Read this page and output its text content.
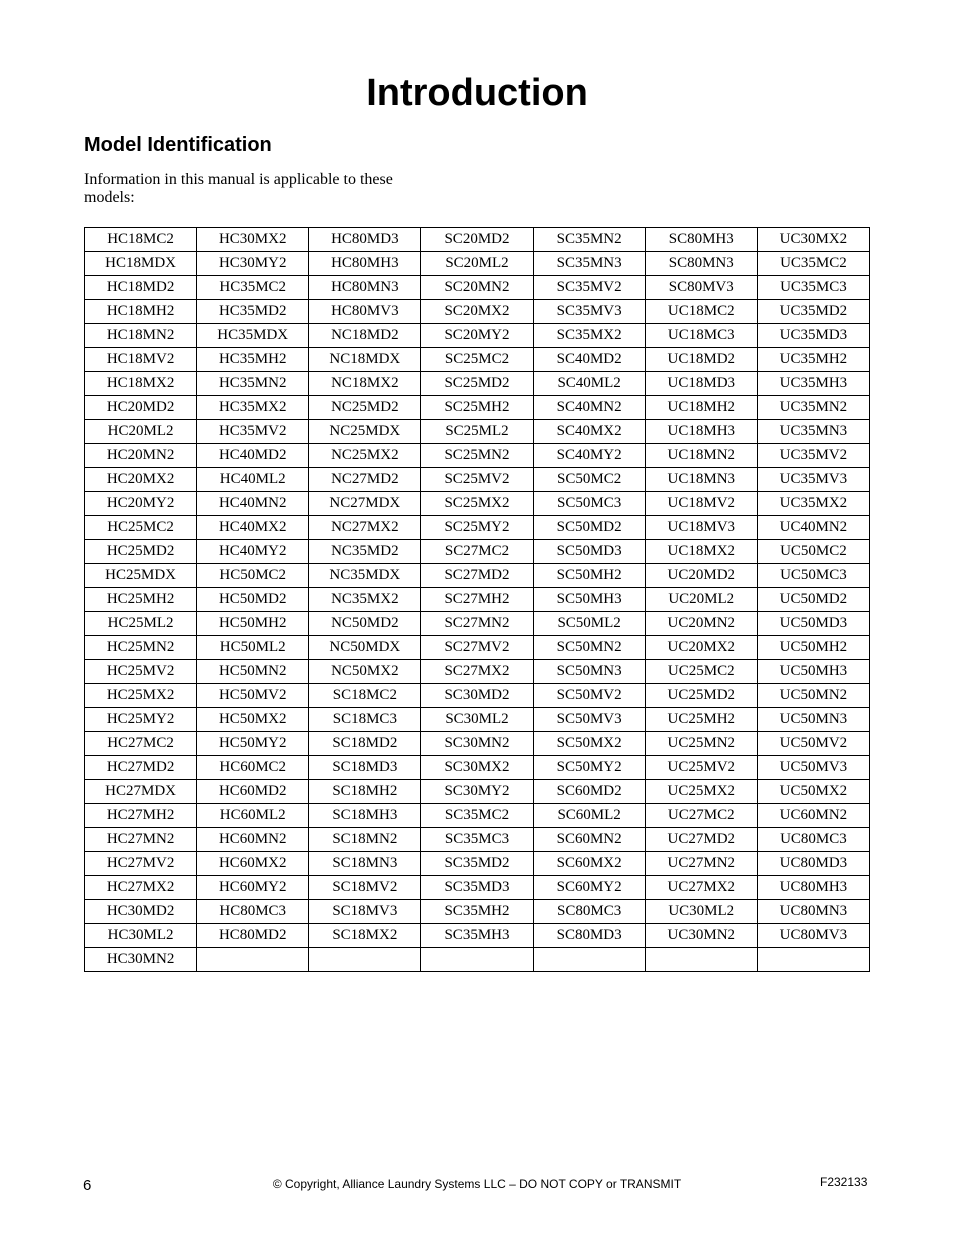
Introduction
Model Identification

Information in this manual is applicable to these models:

HC18MC2	HC30MX2	HC80MD3	SC20MD2	SC35MN2	SC80MH3	UC30MX2
HC18MDX	HC30MY2	HC80MH3	SC20ML2	SC35MN3	SC80MN3	UC35MC2
HC18MD2	HC35MC2	HC80MN3	SC20MN2	SC35MV2	SC80MV3	UC35MC3
HC18MH2	HC35MD2	HC80MV3	SC20MX2	SC35MV3	UC18MC2	UC35MD2
HC18MN2	HC35MDX	NC18MD2	SC20MY2	SC35MX2	UC18MC3	UC35MD3
HC18MV2	HC35MH2	NC18MDX	SC25MC2	SC40MD2	UC18MD2	UC35MH2
HC18MX2	HC35MN2	NC18MX2	SC25MD2	SC40ML2	UC18MD3	UC35MH3
HC20MD2	HC35MX2	NC25MD2	SC25MH2	SC40MN2	UC18MH2	UC35MN2
HC20ML2	HC35MV2	NC25MDX	SC25ML2	SC40MX2	UC18MH3	UC35MN3
HC20MN2	HC40MD2	NC25MX2	SC25MN2	SC40MY2	UC18MN2	UC35MV2
HC20MX2	HC40ML2	NC27MD2	SC25MV2	SC50MC2	UC18MN3	UC35MV3
HC20MY2	HC40MN2	NC27MDX	SC25MX2	SC50MC3	UC18MV2	UC35MX2
HC25MC2	HC40MX2	NC27MX2	SC25MY2	SC50MD2	UC18MV3	UC40MN2
HC25MD2	HC40MY2	NC35MD2	SC27MC2	SC50MD3	UC18MX2	UC50MC2
HC25MDX	HC50MC2	NC35MDX	SC27MD2	SC50MH2	UC20MD2	UC50MC3
HC25MH2	HC50MD2	NC35MX2	SC27MH2	SC50MH3	UC20ML2	UC50MD2
HC25ML2	HC50MH2	NC50MD2	SC27MN2	SC50ML2	UC20MN2	UC50MD3
HC25MN2	HC50ML2	NC50MDX	SC27MV2	SC50MN2	UC20MX2	UC50MH2
HC25MV2	HC50MN2	NC50MX2	SC27MX2	SC50MN3	UC25MC2	UC50MH3
HC25MX2	HC50MV2	SC18MC2	SC30MD2	SC50MV2	UC25MD2	UC50MN2
HC25MY2	HC50MX2	SC18MC3	SC30ML2	SC50MV3	UC25MH2	UC50MN3
HC27MC2	HC50MY2	SC18MD2	SC30MN2	SC50MX2	UC25MN2	UC50MV2
HC27MD2	HC60MC2	SC18MD3	SC30MX2	SC50MY2	UC25MV2	UC50MV3
HC27MDX	HC60MD2	SC18MH2	SC30MY2	SC60MD2	UC25MX2	UC50MX2
HC27MH2	HC60ML2	SC18MH3	SC35MC2	SC60ML2	UC27MC2	UC60MN2
HC27MN2	HC60MN2	SC18MN2	SC35MC3	SC60MN2	UC27MD2	UC80MC3
HC27MV2	HC60MX2	SC18MN3	SC35MD2	SC60MX2	UC27MN2	UC80MD3
HC27MX2	HC60MY2	SC18MV2	SC35MD3	SC60MY2	UC27MX2	UC80MH3
HC30MD2	HC80MC3	SC18MV3	SC35MH2	SC80MC3	UC30ML2	UC80MN3
HC30ML2	HC80MD2	SC18MX2	SC35MH3	SC80MD3	UC30MN2	UC80MV3
HC30MN2						
6	© Copyright, Alliance Laundry Systems LLC – DO NOT COPY or TRANSMIT	F232133
